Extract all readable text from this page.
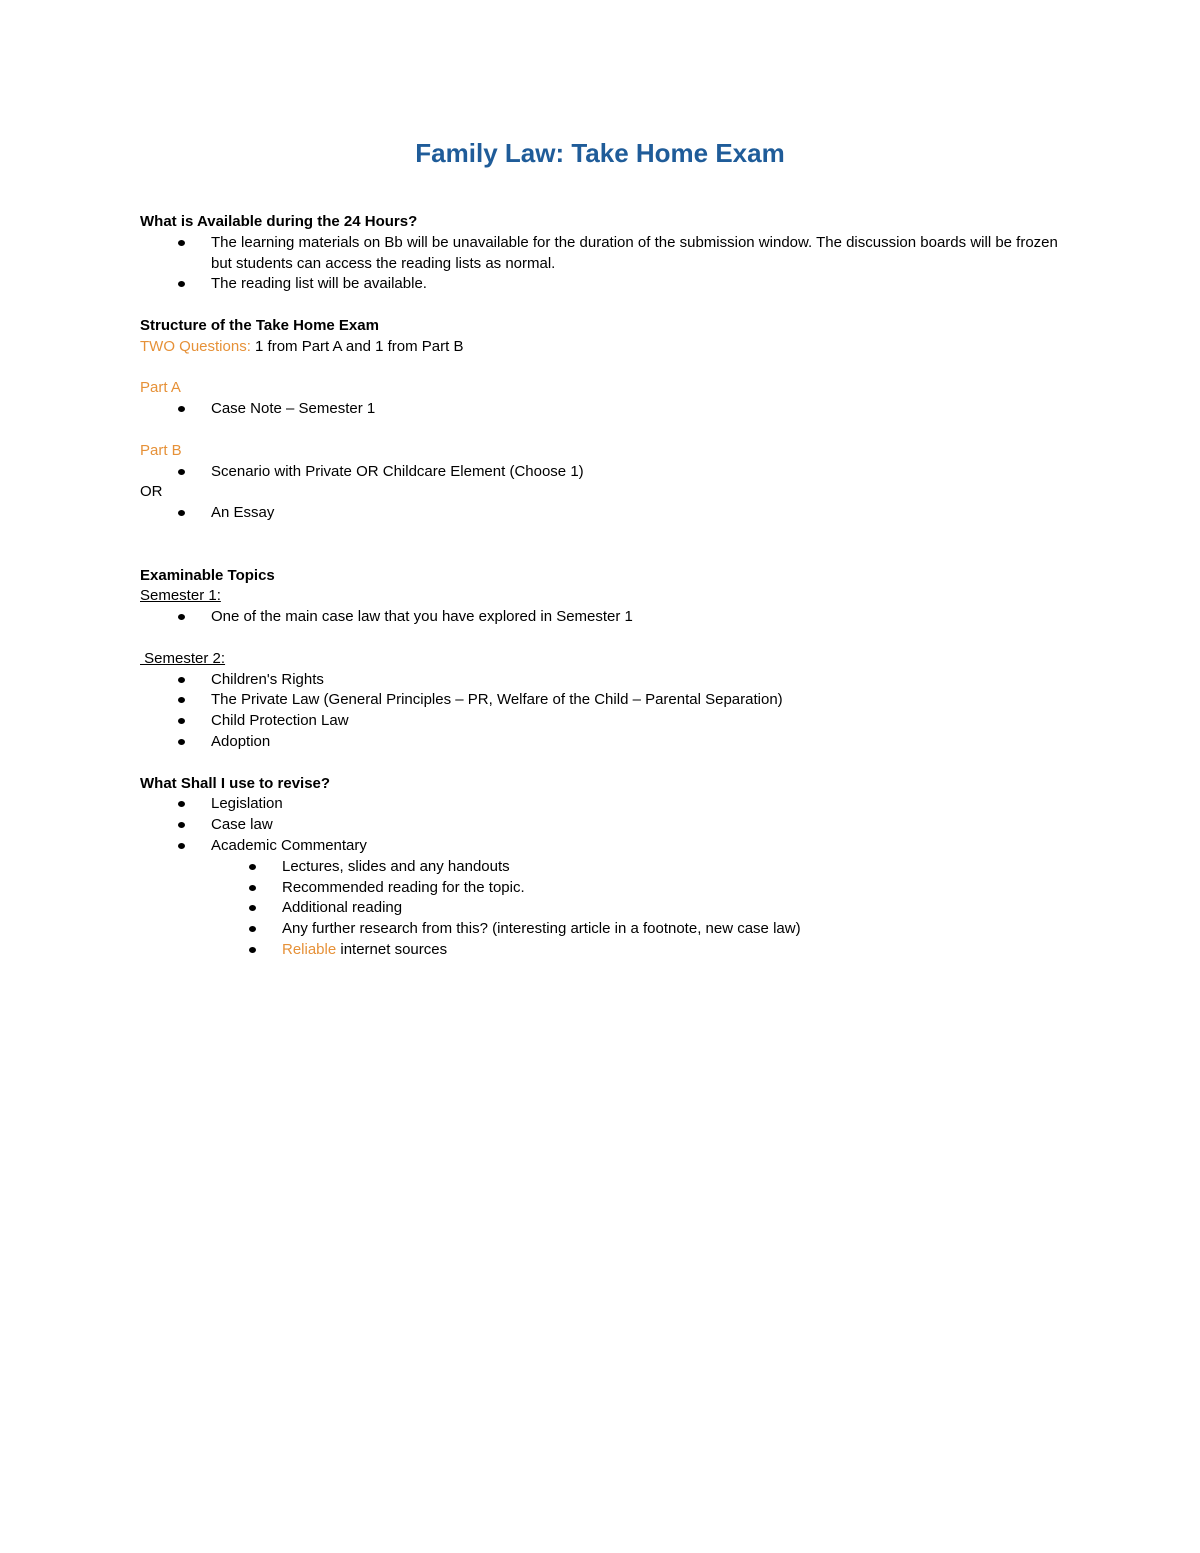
Family Law: Take Home Exam
What is Available during the 24 Hours?
The learning materials on Bb will be unavailable for the duration of the submission window. The discussion boards will be frozen but students can access the reading lists as normal.
The reading list will be available.
Structure of the Take Home Exam
TWO Questions: 1 from Part A and 1 from Part B
Part A
Case Note – Semester 1
Part B
Scenario with Private OR Childcare Element (Choose 1)
OR
An Essay
Examinable Topics
Semester 1:
One of the main case law that you have explored in Semester 1
Semester 2:
Children's Rights
The Private Law (General Principles – PR, Welfare of the Child – Parental Separation)
Child Protection Law
Adoption
What Shall I use to revise?
Legislation
Case law
Academic Commentary
Lectures, slides and any handouts
Recommended reading for the topic.
Additional reading
Any further research from this? (interesting article in a footnote, new case law)
Reliable internet sources
